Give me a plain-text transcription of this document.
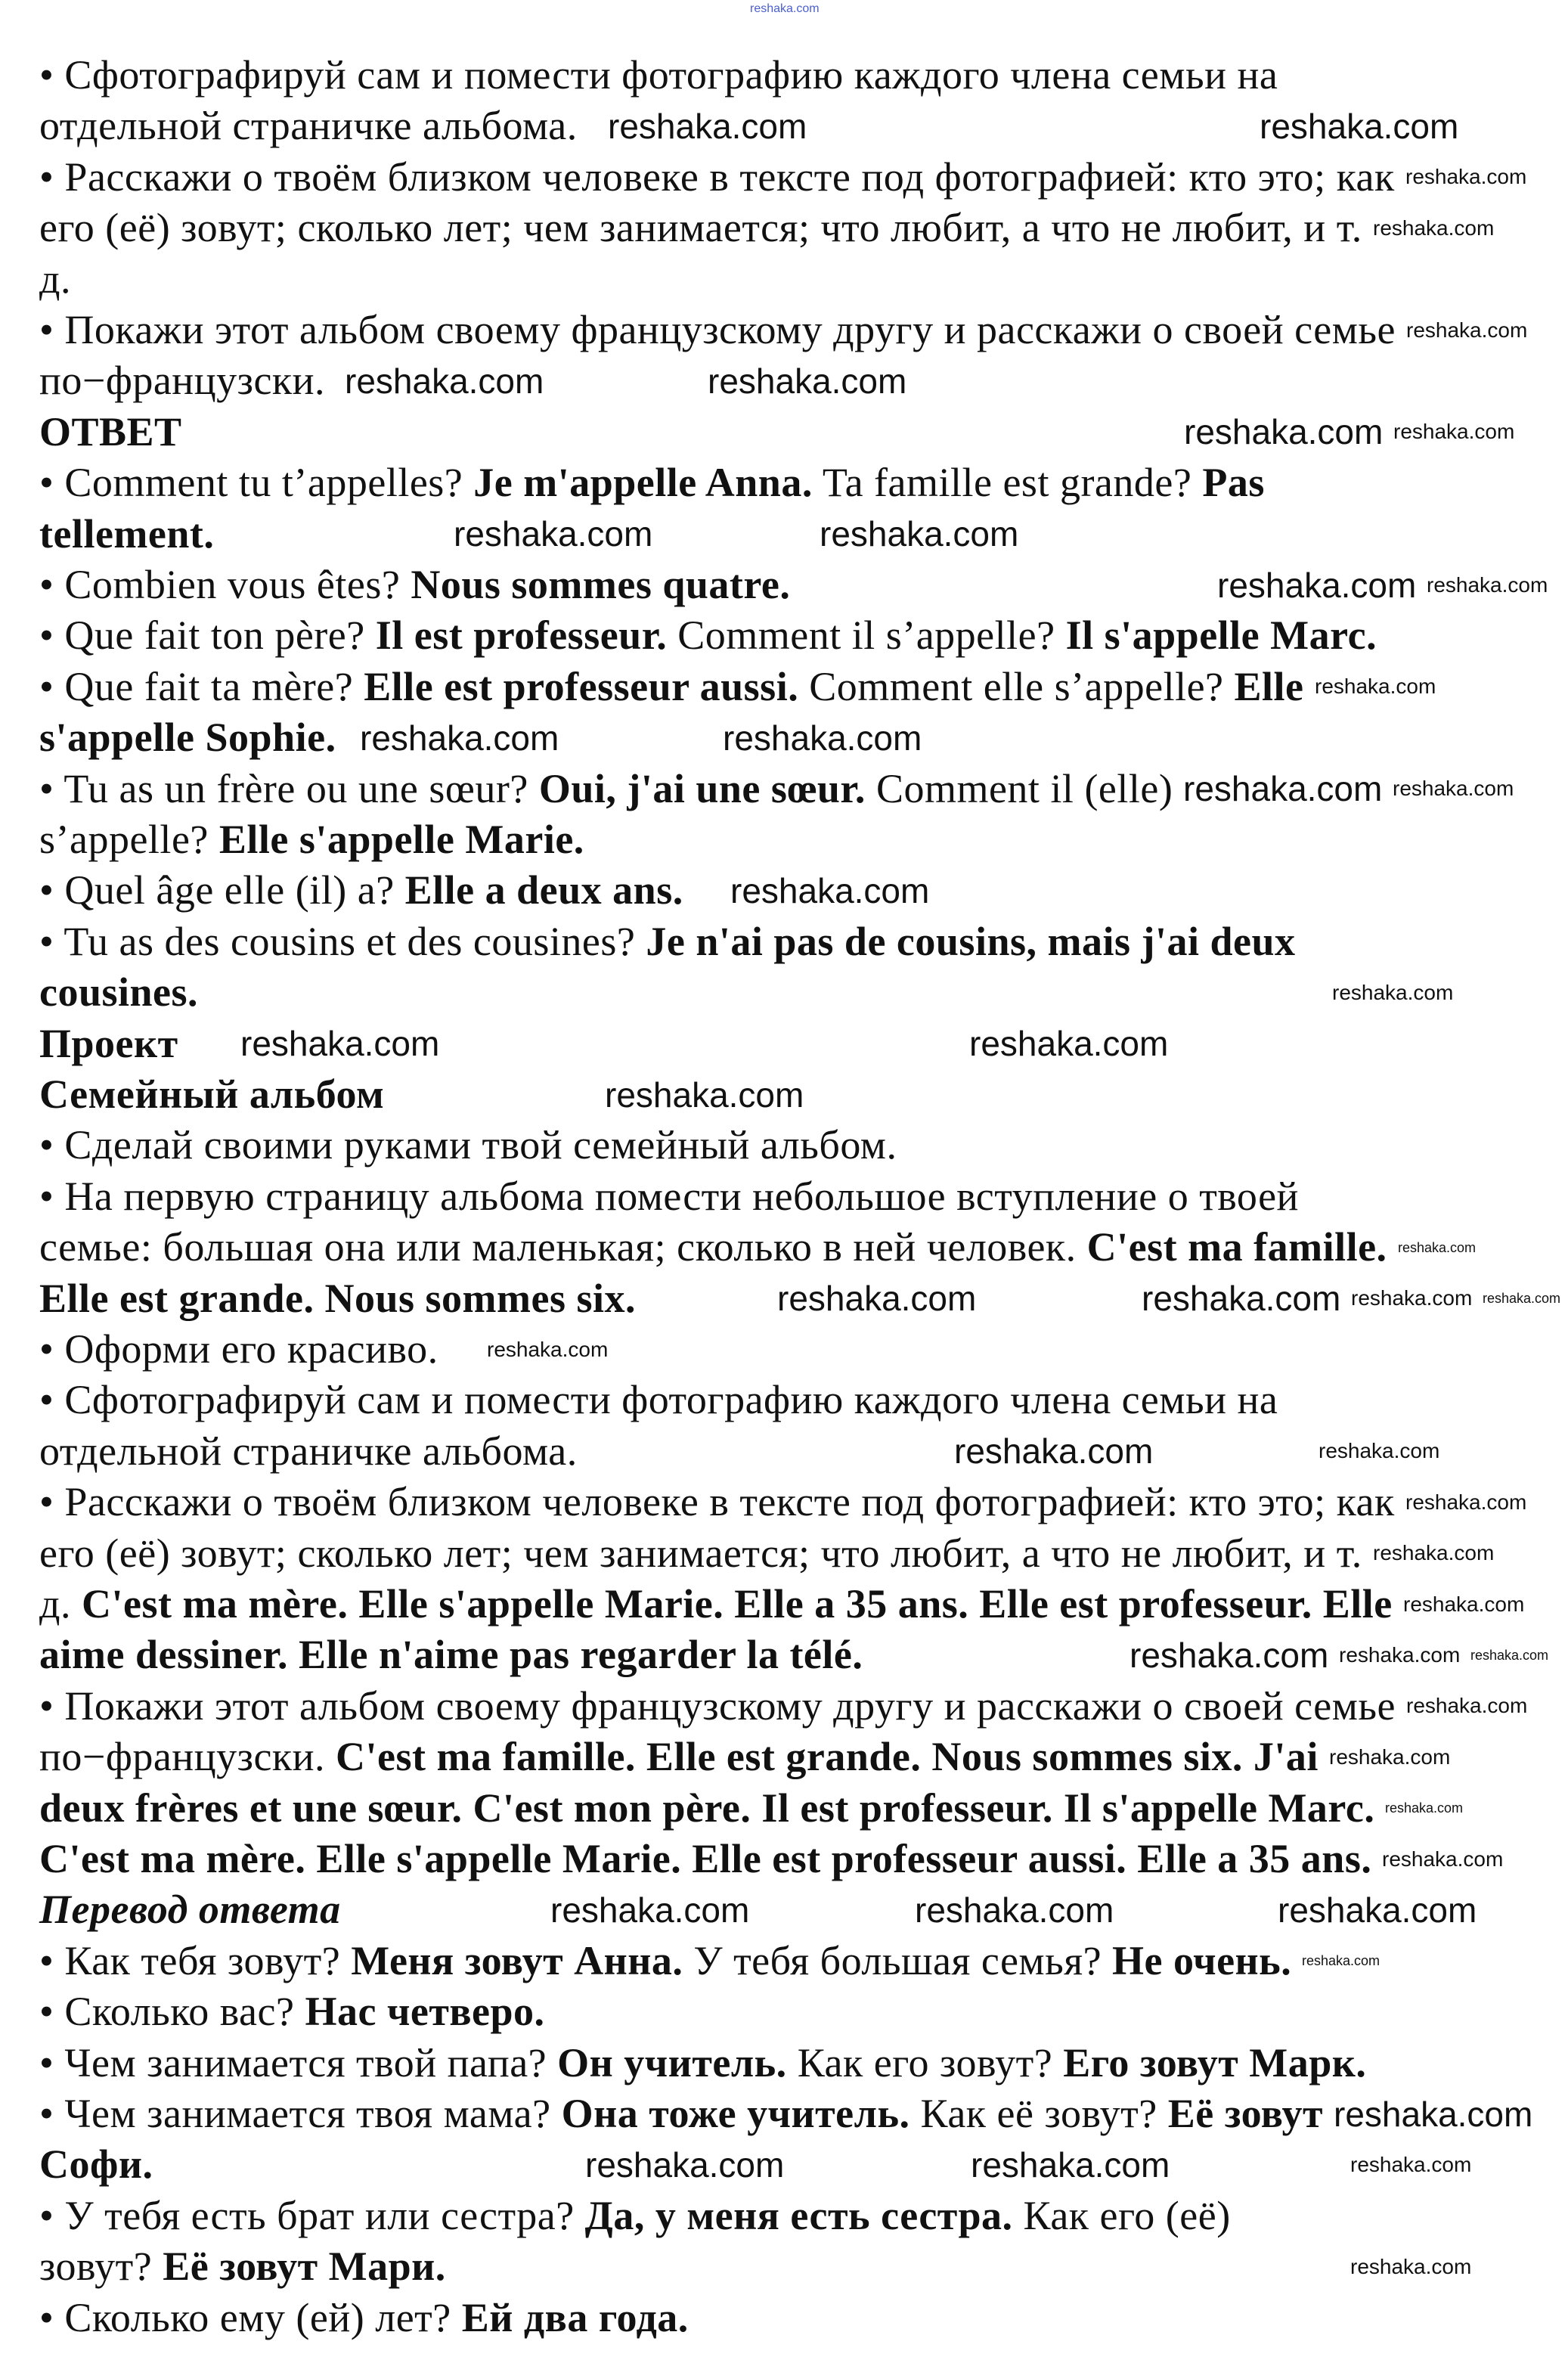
• Сфотографируй сам и помести фотографию каждого члена семьи на
отдельной страничке альбома.
• Расскажи о твоём близком человеке в тексте под фотографией: кто это; как
его (её) зовут; сколько лет; чем занимается; что любит, а что не любит, и т.
д.
• Покажи этот альбом своему французскому другу и расскажи о своей семье
по−французски.
ОТВЕТ
• Comment tu t’appelles? Je m'appelle Anna. Ta famille est grande? Pas
tellement.
• Combien vous êtes? Nous sommes quatre.
• Que fait ton père? Il est professeur. Comment il s’appelle? Il s'appelle Marc.
• Que fait ta mère? Elle est professeur aussi. Comment elle s’appelle? Elle
s'appelle Sophie.
• Tu as un frère ou une sœur? Oui, j'ai une sœur. Comment il (elle)
s’appelle? Elle s'appelle Marie.
• Quel âge elle (il) a? Elle a deux ans.
• Tu as des cousins et des cousines? Je n'ai pas de cousins, mais j'ai deux
cousines.
Проект
Семейный альбом
• Сделай своими руками твой семейный альбом.
• На первую страницу альбома помести небольшое вступление о твоей
семье: большая она или маленькая; сколько в ней человек. C'est ma famille.
Elle est grande. Nous sommes six.
• Оформи его красиво.
• Сфотографируй сам и помести фотографию каждого члена семьи на
отдельной страничке альбома.
• Расскажи о твоём близком человеке в тексте под фотографией: кто это; как
его (её) зовут; сколько лет; чем занимается; что любит, а что не любит, и т.
д. C'est ma mère. Elle s'appelle Marie. Elle a 35 ans. Elle est professeur. Elle
aime dessiner. Elle n'aime pas regarder la télé.
• Покажи этот альбом своему французскому другу и расскажи о своей семье
по−французски. C'est ma famille. Elle est grande. Nous sommes six. J'ai
deux frères et une sœur. C'est mon père. Il est professeur. Il s'appelle Marc.
C'est ma mère. Elle s'appelle Marie. Elle est professeur aussi. Elle a 35 ans.
Перевод ответа
• Как тебя зовут? Меня зовут Анна. У тебя большая семья? Не очень.
• Сколько вас? Нас четверо.
• Чем занимается твой папа? Он учитель. Как его зовут? Его зовут Марк.
• Чем занимается твоя мама? Она тоже учитель. Как её зовут? Её зовут
Софи.
• У тебя есть брат или сестра? Да, у меня есть сестра. Как его (её)
зовут? Её зовут Мари.
• Сколько ему (ей) лет? Ей два года.
reshaka.com
reshaka.com	reshaka.com
reshaka.com	reshaka.com
reshaka.com
reshaka.com	reshaka.com
reshaka.com
reshaka.com	reshaka.com
reshaka.com
reshaka.com
reshaka.com	reshaka.com
reshaka.com
reshaka.com	reshaka.com
reshaka.com
reshaka.com
reshaka.com	reshaka.com	reshaka.com
reshaka.com
reshaka.com	reshaka.com
reshaka.com
reshaka.com
reshaka.com
reshaka.com
reshaka.com
reshaka.com
reshaka.com
reshaka.com
reshaka.com
reshaka.com
reshaka.com
reshaka.com
reshaka.com
reshaka.com
reshaka.com
reshaka.com
reshaka.com
reshaka.com
reshaka.com
reshaka.com
reshaka.com
reshaka.com
reshaka.com
reshaka.com
reshaka.com
